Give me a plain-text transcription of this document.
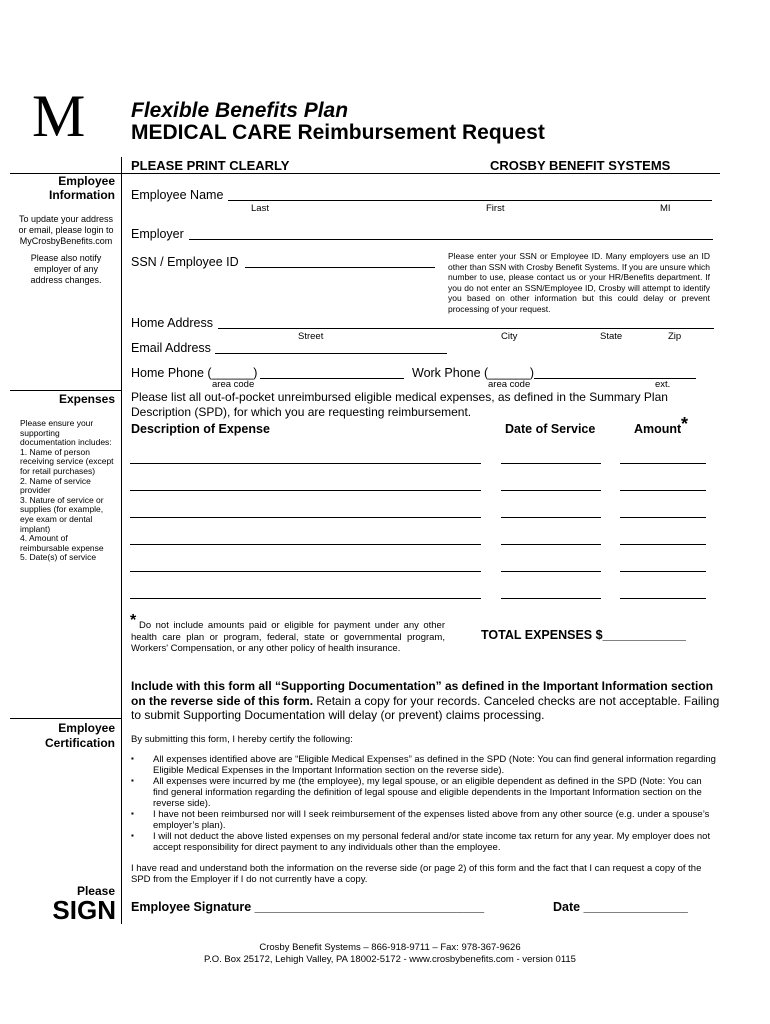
M Flexible Benefits Plan
MEDICAL CARE Reimbursement Request
PLEASE PRINT CLEARLY	CROSBY BENEFIT SYSTEMS
Employee Information
To update your address or email, please login to MyCrosbyBenefits.com
Please also notify employer of any address changes.
Expenses
Please ensure your supporting documentation includes:
1. Name of person receiving service (except for retail purchases)
2. Name of service provider
3. Nature of service or supplies (for example, eye exam or dental implant)
4. Amount of reimbursable expense
5. Date(s) of service
Employee Certification
Please
SIGN
Employee Name
Last	First	MI
Employer
SSN / Employee ID	Please enter your SSN or Employee ID. Many employers use an ID other than SSN with Crosby Benefit Systems. If you are unsure which number to use, please contact us or your HR/Benefits department. If you do not enter an SSN/Employee ID, Crosby will attempt to identify you based on other information but this could delay or prevent processing of your request.
Home Address
Street	City	State	Zip
Email Address
Home Phone (______)
area code
Work Phone (______)
area code	ext.
Please list all out-of-pocket unreimbursed eligible medical expenses, as defined in the Summary Plan Description (SPD), for which you are requesting reimbursement.
Description of Expense	Date of Service	Amount *
* Do not include amounts paid or eligible for payment under any other health care plan or program, federal, state or governmental program, Workers' Compensation, or any other policy of health insurance.
TOTAL EXPENSES $____________
Include with this form all “Supporting Documentation” as defined in the Important Information section on the reverse side of this form. Retain a copy for your records. Canceled checks are not acceptable. Failing to submit Supporting Documentation will delay (or prevent) claims processing.
By submitting this form, I hereby certify the following:
▪	All expenses identified above are “Eligible Medical Expenses” as defined in the SPD (Note: You can find general information regarding Eligible Medical Expenses in the Important Information section on the reverse side).
▪	All expenses were incurred by me (the employee), my legal spouse, or an eligible dependent as defined in the SPD (Note: You can find general information regarding the definition of legal spouse and eligible dependents in the Important Information section on the reverse side).
▪	I have not been reimbursed nor will I seek reimbursement of the expenses listed above from any other source (e.g. under a spouse’s employer’s plan).
▪	I will not deduct the above listed expenses on my personal federal and/or state income tax return for any year. My employer does not accept responsibility for direct payment to any individuals other than the employee.
I have read and understand both the information on the reverse side (or page 2) of this form and the fact that I can request a copy of the SPD from the Employer if I do not currently have a copy.
Employee Signature _________________________________	Date _______________
Crosby Benefit Systems – 866-918-9711 – Fax: 978-367-9626
P.O. Box 25172, Lehigh Valley, PA 18002-5172 - www.crosbybenefits.com - version 0115
